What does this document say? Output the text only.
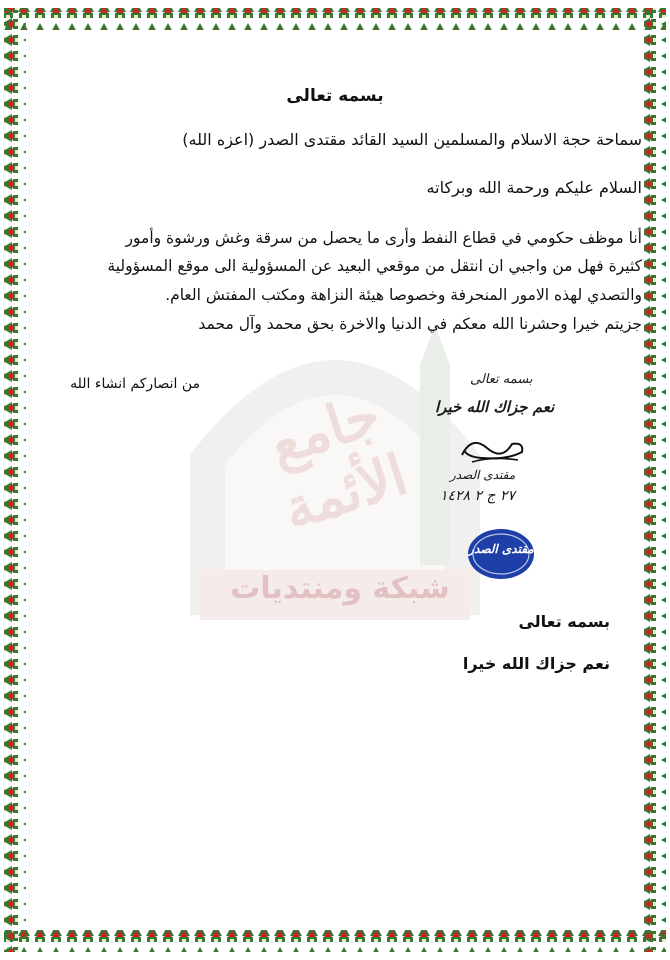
جامع الأئمة
شبكة ومنتديات
بسمه تعالى
سماحة حجة الاسلام والمسلمين السيد القائد مقتدى الصدر (اعزه الله)
السلام عليكم ورحمة الله وبركاته
أنا موظف حكومي في قطاع النفط وأرى ما يحصل من سرقة وغش ورشوة وأمور
كثيرة فهل من واجبي ان انتقل من موقعي البعيد عن المسؤولية الى موقع المسؤولية
والتصدي لهذه الامور المنحرفة وخصوصا هيئة النزاهة ومكتب المفتش العام.
جزيتم خيرا وحشرنا الله معكم في الدنيا والاخرة بحق محمد وآل محمد
من انصاركم انشاء الله	بسمه تعالى
نعم جزاك الله خيرا
مقتدى الصدر
٢٧ ج ٢ ١٤٢٨
مقتدى الصدر
بسمه تعالى
نعم جزاك الله خيرا
